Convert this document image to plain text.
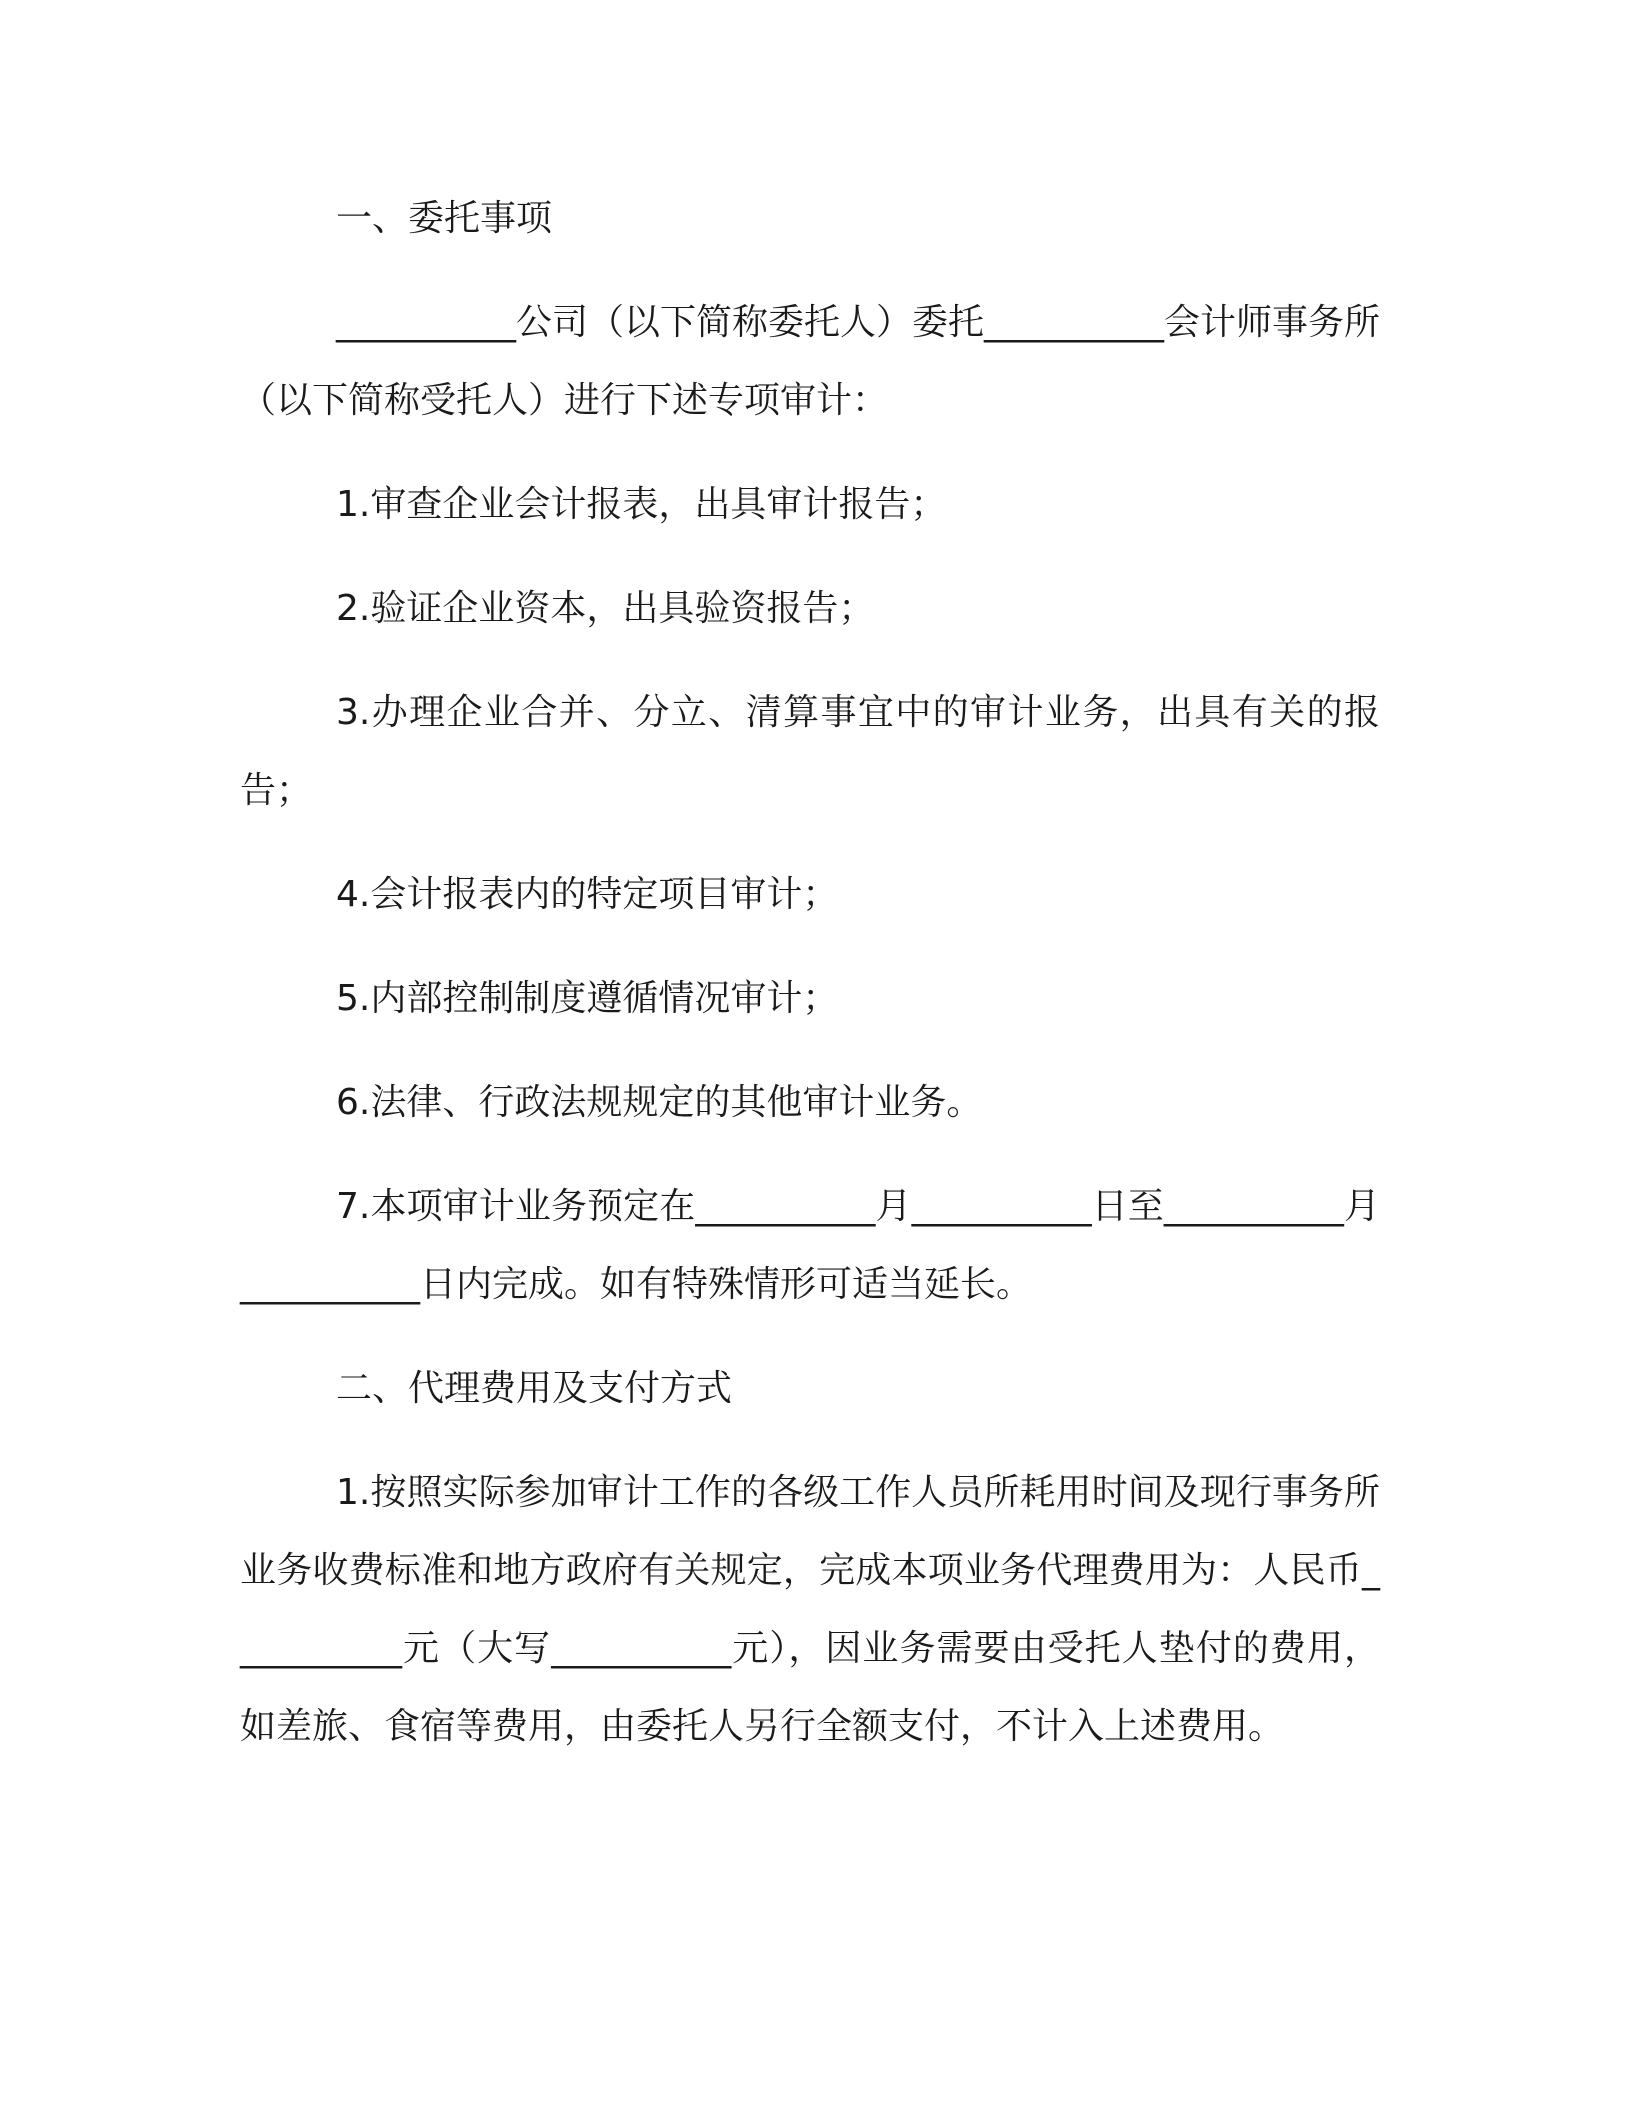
一、委托事项

__________公司（以下简称委托人）委托__________会计师事务所（以下简称受托人）进行下述专项审计：

1.审查企业会计报表，出具审计报告；

2.验证企业资本，出具验资报告；

3.办理企业合并、分立、清算事宜中的审计业务，出具有关的报告；

4.会计报表内的特定项目审计；

5.内部控制制度遵循情况审计；

6.法律、行政法规规定的其他审计业务。

7.本项审计业务预定在__________月__________日至__________月__________日内完成。如有特殊情形可适当延长。

二、代理费用及支付方式

1.按照实际参加审计工作的各级工作人员所耗用时间及现行事务所业务收费标准和地方政府有关规定，完成本项业务代理费用为：人民币__________元（大写__________元），因业务需要由受托人垫付的费用，如差旅、食宿等费用，由委托人另行全额支付，不计入上述费用。
